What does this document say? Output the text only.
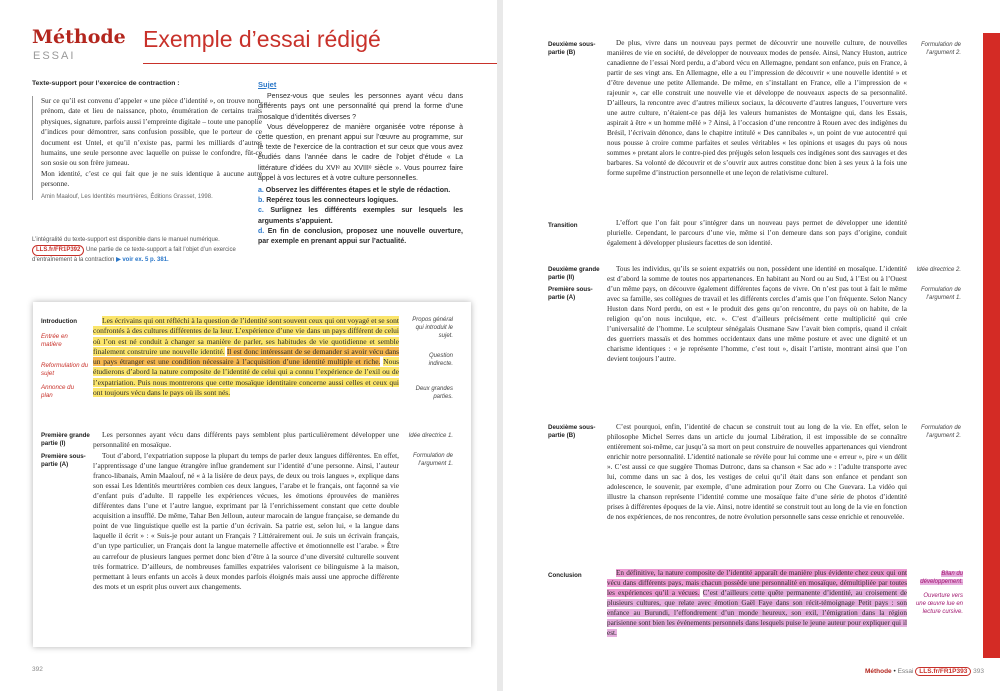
Méthode
ESSAI
Exemple d’essai rédigé
Texte-support pour l’exercice de contraction :

Sur ce qu’il est convenu d’appeler « une pièce d’identité », on trouve nom, prénom, date et lieu de naissance, photo, énumération de certains traits physiques, signature, parfois aussi l’empreinte digitale – toute une panoplie d’indices pour démontrer, sans confusion possible, que le porteur de ce document est Untel, et qu’il n’existe pas, parmi les milliards d’autres humains, une seule personne avec laquelle on puisse le confondre, fût-ce son sosie ou son frère jumeau.

Mon identité, c’est ce qui fait que je ne suis identique à aucune autre personne.

Amin Maalouf, Les Identités meurtrières, Éditions Grasset, 1998.

L’intégralité du texte-support est disponible dans le manuel numérique. LLS.fr/FR1P392 Une partie de ce texte-support a fait l’objet d’un exercice d’entraînement à la contraction ▶ voir ex. 5 p. 381.
Sujet

Pensez-vous que seules les personnes ayant vécu dans différents pays ont une personnalité qui prend la forme d’une mosaïque d’identités diverses ?

Vous développerez de manière organisée votre réponse à cette question, en prenant appui sur l’œuvre au programme, sur le texte de l’exercice de la contraction et sur ceux que vous avez étudiés dans l’année dans le cadre de l’objet d’étude « La littérature d’idées du XVIᵉ au XVIIIᵉ siècle ». Vous pourrez faire appel à vos lectures et à votre culture personnelles.

a. Observez les différentes étapes et le style de rédaction.

b. Repérez tous les connecteurs logiques.

c. Surlignez les différents exemples sur lesquels les arguments s’appuient.

d. En fin de conclusion, proposez une nouvelle ouverture, par exemple en prenant appui sur l’actualité.

Introduction
Entrée en matière
Reformulation du sujet
Annonce du plan
Les écrivains qui ont réfléchi à la question de l’identité sont souvent ceux qui ont voyagé et se sont confrontés à des cultures différentes de la leur. L’expérience d’une vie dans un pays différent de celui où l’on est né conduit à changer sa manière de parler, ses habitudes de vie quotidienne et semble finalement construire une nouvelle identité. Il est donc intéressant de se demander si avoir vécu dans un pays étranger est une condition nécessaire à l’acquisition d’une identité multiple et riche. Nous étudierons d’abord la nature composite de l’identité de celui qui a connu l’expérience de l’exil ou de l’expatriation. Puis nous montrerons que cette mosaïque identitaire concerne aussi celles et ceux qui ont toujours vécu dans le pays où ils sont nés.
Propos général qui introduit le sujet.
Question indirecte.
Deux grandes parties.
Première grande partie (I)
Première sous-partie (A)
Idée directrice 1.
Formulation de l’argument 1.

Les personnes ayant vécu dans différents pays semblent plus particulièrement développer une personnalité en mosaïque.

Tout d’abord, l’expatriation suppose la plupart du temps de parler deux langues différentes. En effet, l’apprentissage d’une langue étrangère influe grandement sur l’identité d’une personne. Ainsi, l’auteur franco-libanais, Amin Maalouf, né « à la lisière de deux pays, de deux ou trois langues », explique dans son essai Les Identités meurtrières combien ces deux langues, l’arabe et le français, ont façonné sa vie d’enfant puis d’adulte. Il rappelle les expériences vécues, les émotions éprouvées de manières différentes dans l’une et l’autre langue, exprimant par là l’enrichissement constant que cette double acquisition a insufflé. De même, Tahar Ben Jelloun, auteur marocain de langue française, se demande du point de vue linguistique quelle est la partie d’un écrivain. Sa patrie est, selon lui, « la langue dans laquelle il écrit » : « Suis-je pour autant un Français ? Littérairement oui. Je suis un écrivain français, d’un type particulier, un Français dont la langue maternelle affective et émotionnelle est l’arabe. » Être au carrefour de plusieurs langues permet donc bien d’être à la source d’une diversité culturelle souvent très formatrice. D’ailleurs, de nombreuses familles expatriées valorisent ce bilinguisme à la maison, permettant à leurs enfants un accès à deux mondes parfois éloignés mais aussi une approche différente des mots et un esprit plus ouvert aux changements.

392
Deuxième sous-partie (B)
Formulation de l’argument 2.
De plus, vivre dans un nouveau pays permet de découvrir une nouvelle culture, de nouvelles manières de vie en société, de développer de nouveaux modes de pensée. Ainsi, Nancy Huston, autrice canadienne de l’essai Nord perdu, a d’abord vécu en Allemagne, pendant son enfance, puis en France, à partir de ses vingt ans. En Allemagne, elle a eu l’impression de découvrir « une nouvelle identité » et d’être devenue une petite Allemande. De même, en s’installant en France, elle a l’impression de « rajeunir », car elle construit une nouvelle vie et développe de nouveaux aspects de sa personnalité. D’ailleurs, la rencontre avec d’autres milieux sociaux, la découverte d’autres langues, l’ouverture vers une autre culture, n’étaient-ce pas déjà les valeurs humanistes de Montaigne qui, dans les Essais, aspirait à être « un homme mêlé » ? Ainsi, à l’occasion d’une rencontre à Rouen avec des indigènes du Brésil, l’écrivain dénonce, dans le chapitre intitulé « Des cannibales », un point de vue autocentré qui nous pousse à croire comme parfaites et seules véritables « les opinions et usages du pays où nous sommes » pretant alors le contre-pied des préjugés selon lesquels ces indigènes sont des sauvages et des barbares. Sa volonté de découvrir et de s’ouvrir aux autres constitue donc bien à ses yeux à la fois une forme suprême d’instruction personnelle et une leçon de relativisme culturel.
Transition	L’effort que l’on fait pour s’intégrer dans un nouveau pays permet de développer une identité plurielle. Cependant, le parcours d’une vie, même si l’on demeure dans son pays d’origine, conduit également à développer plusieurs facettes de son identité.
Deuxième grande partie (II)
Première sous-partie (A)
Idée directrice 2.
Formulation de l’argument 1.
Tous les individus, qu’ils se soient expatriés ou non, possèdent une identité en mosaïque. L’identité est d’abord la somme de toutes nos appartenances. En habitant au Nord ou au Sud, à l’Est ou à l’Ouest d’un même pays, on découvre également différentes façons de vivre. On n’est pas tout à fait le même avec sa famille, ses collègues de travail et les différents cercles d’amis que l’on fréquente. Selon Nancy Huston dans Nord perdu, on est « le produit des gens qu’on rencontre, du pays où on habite, de la religion qu’on nous inculque, etc. ». C’est d’ailleurs précisément cette multiplicité qui crée l’universalité de l’homme. Le sculpteur sénégalais Ousmane Saw l’avait bien compris, quand il créait des guerriers massaïs et des hommes occidentaux dans une même posture et avec une dignité et un charisme identiques : « je représente l’homme, c’est tout », disait l’artiste, montrant ainsi que l’on devient toujours l’autre.
Deuxième sous-partie (B)
Formulation de l’argument 2.
C’est pourquoi, enfin, l’identité de chacun se construit tout au long de la vie. En effet, selon le philosophe Michel Serres dans un article du journal Libération, il est impossible de se connaître entièrement soi-même, car jusqu’à sa mort on peut construire de nouvelles appartenances qui viendront enrichir notre personnalité. L’identité nationale se révèle pour lui comme une « erreur », pire « un délit ». C’est aussi ce que suggère Thomas Dutronc, dans sa chanson « Sac ado » : l’adulte transporte avec lui, comme dans un sac à dos, les vestiges de celui qu’il était dans son enfance et pendant son adolescence, le souvenir, par exemple, d’une admiration pour Zorro ou Che Guevara. La vidéo qui illustre la chanson représente l’identité comme une mosaïque faite d’une série de photos d’identité prises à différentes époques de la vie. Ainsi, notre identité se construit tout au long de la vie en fonction de nos expériences, de nos rencontres, de notre évolution personnelle sans cesse enrichie et renouvelée.
Conclusion	Bilan du développement.
Ouverture vers une œuvre lue en lecture cursive.
En définitive, la nature composite de l’identité apparaît de manière plus évidente chez ceux qui ont vécu dans différents pays, mais chacun possède une personnalité en mosaïque, démultipliée par toutes les expériences qu’il a vécues. C’est d’ailleurs cette quête permanente d’identité, au croisement de plusieurs cultures, que relate avec émotion Gaël Faye dans son récit-témoignage Petit pays : son enfance au Burundi, l’effondrement d’un monde heureux, son exil, l’émigration dans la région parisienne sont bien les événements personnels dans lesquels puise le jeune auteur pour expliquer qui il est.
Méthode • Essai LLS.fr/FR1P393 393
